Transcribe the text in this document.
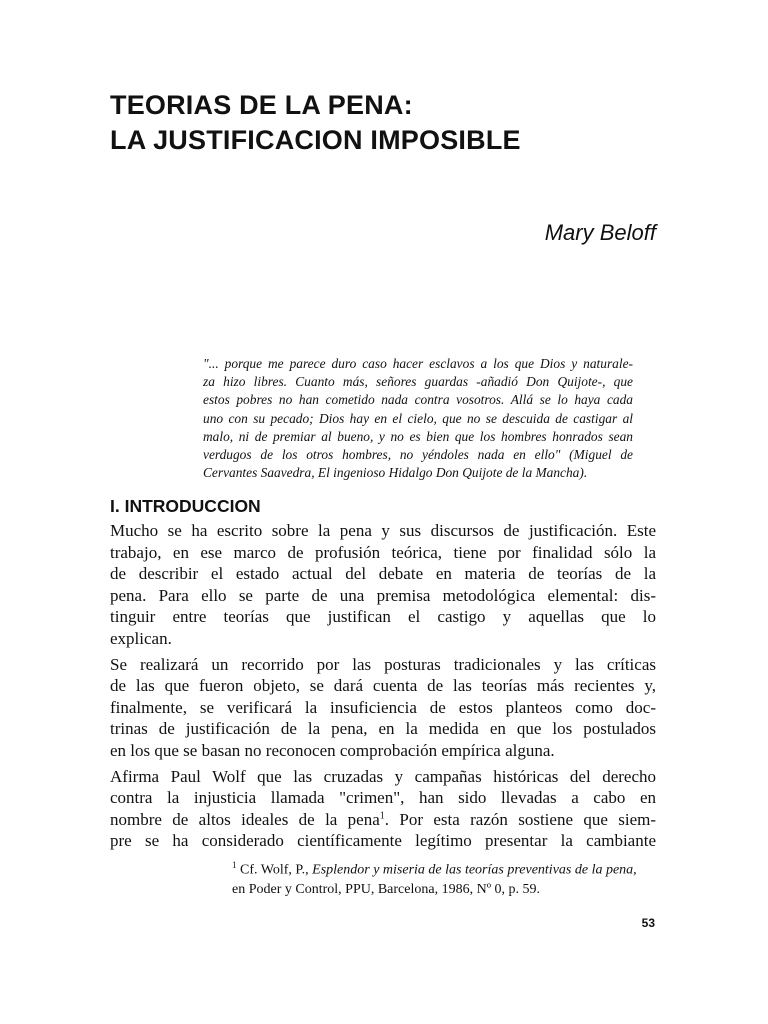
TEORIAS DE LA PENA:
LA JUSTIFICACION IMPOSIBLE
Mary Beloff
"... porque me parece duro caso hacer esclavos a los que Dios y naturale-
za hizo libres. Cuanto más, señores guardas -añadió Don Quijote-, que
estos pobres no han cometido nada contra vosotros. Allá se lo haya cada
uno con su pecado; Dios hay en el cielo, que no se descuida de castigar al
malo, ni de premiar al bueno, y no es bien que los hombres honrados sean
verdugos de los otros hombres, no yéndoles nada en ello" (Miguel de
Cervantes Saavedra, El ingenioso Hidalgo Don Quijote de la Mancha).
I. INTRODUCCION
Mucho se ha escrito sobre la pena y sus discursos de justificación. Este
trabajo, en ese marco de profusión teórica, tiene por finalidad sólo la
de describir el estado actual del debate en materia de teorías de la
pena. Para ello se parte de una premisa metodológica elemental: dis-
tinguir entre teorías que justifican el castigo y aquellas que lo
explican.
Se realizará un recorrido por las posturas tradicionales y las críticas
de las que fueron objeto, se dará cuenta de las teorías más recientes y,
finalmente, se verificará la insuficiencia de estos planteos como doc-
trinas de justificación de la pena, en la medida en que los postulados
en los que se basan no reconocen comprobación empírica alguna.
Afirma Paul Wolf que las cruzadas y campañas históricas del derecho
contra la injusticia llamada "crimen", han sido llevadas a cabo en
nombre de altos ideales de la pena$^1$. Por esta razón sostiene que siem-
pre se ha considerado científicamente legítimo presentar la cambiante
$^1$ Cf. Wolf, P., Esplendor y miseria de las teorías preventivas de la pena,
en Poder y Control, PPU, Barcelona, 1986, Nº 0, p. 59.
53
